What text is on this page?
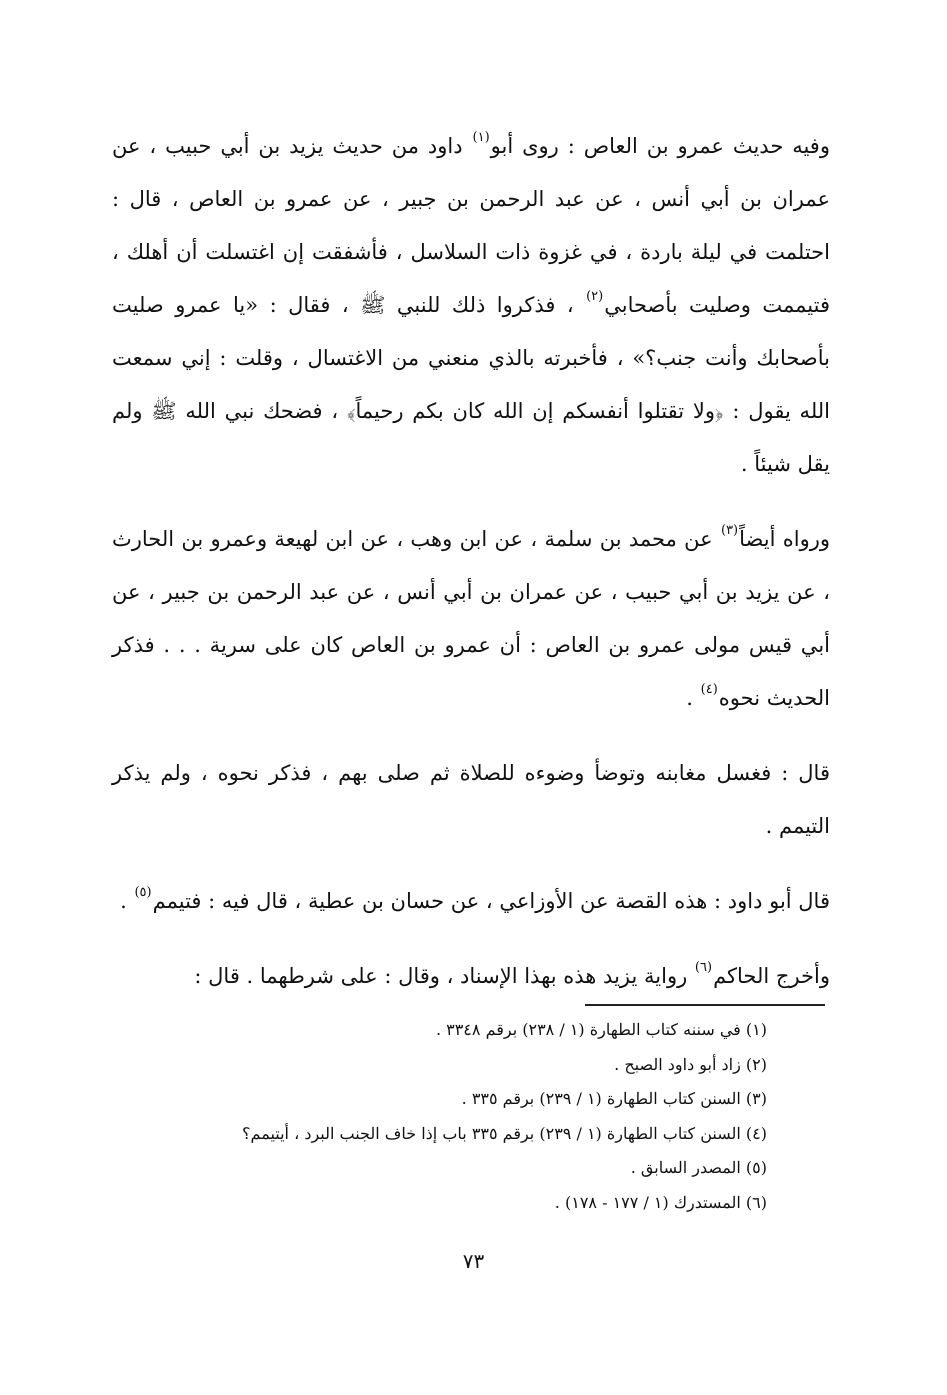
وفيه حديث عمرو بن العاص : روى أبو$^{(١)}$ داود من حديث يزيد بن أبي حبيب ، عن عمران بن أبي أنس ، عن عبد الرحمن بن جبير ، عن عمرو بن العاص ، قال : احتلمت في ليلة باردة ، في غزوة ذات السلاسل ، فأشفقت إن اغتسلت أن أهلك ، فتيممت وصليت بأصحابي$^{(٢)}$ ، فذكروا ذلك للنبي ﷺ ، فقال : «يا عمرو صليت بأصحابك وأنت جنب؟» ، فأخبرته بالذي منعني من الاغتسال ، وقلت : إني سمعت الله يقول : ﴿ولا تقتلوا أنفسكم إن الله كان بكم رحيماً﴾ ، فضحك نبي الله ﷺ ولم يقل شيئاً .

ورواه أيضاً$^{(٣)}$ عن محمد بن سلمة ، عن ابن وهب ، عن ابن لهيعة وعمرو بن الحارث ، عن يزيد بن أبي حبيب ، عن عمران بن أبي أنس ، عن عبد الرحمن بن جبير ، عن أبي قيس مولى عمرو بن العاص : أن عمرو بن العاص كان على سرية . . . فذكر الحديث نحوه$^{(٤)}$ .

قال : فغسل مغابنه وتوضأ وضوءه للصلاة ثم صلى بهم ، فذكر نحوه ، ولم يذكر التيمم .

قال أبو داود : هذه القصة عن الأوزاعي ، عن حسان بن عطية ، قال فيه : فتيمم$^{(٥)}$ .

وأخرج الحاكم$^{(٦)}$ رواية يزيد هذه بهذا الإسناد ، وقال : على شرطهما . قال :

(١) في سننه كتاب الطهارة (١ / ٢٣٨) برقم ٣٣٤٨ .
(٢) زاد أبو داود الصبح .
(٣) السنن كتاب الطهارة (١ / ٢٣٩) برقم ٣٣٥ .
(٤) السنن كتاب الطهارة (١ / ٢٣٩) برقم ٣٣٥ باب إذا خاف الجنب البرد ، أيتيمم؟
(٥) المصدر السابق .
(٦) المستدرك (١ / ١٧٧ - ١٧٨) .
٧٣
